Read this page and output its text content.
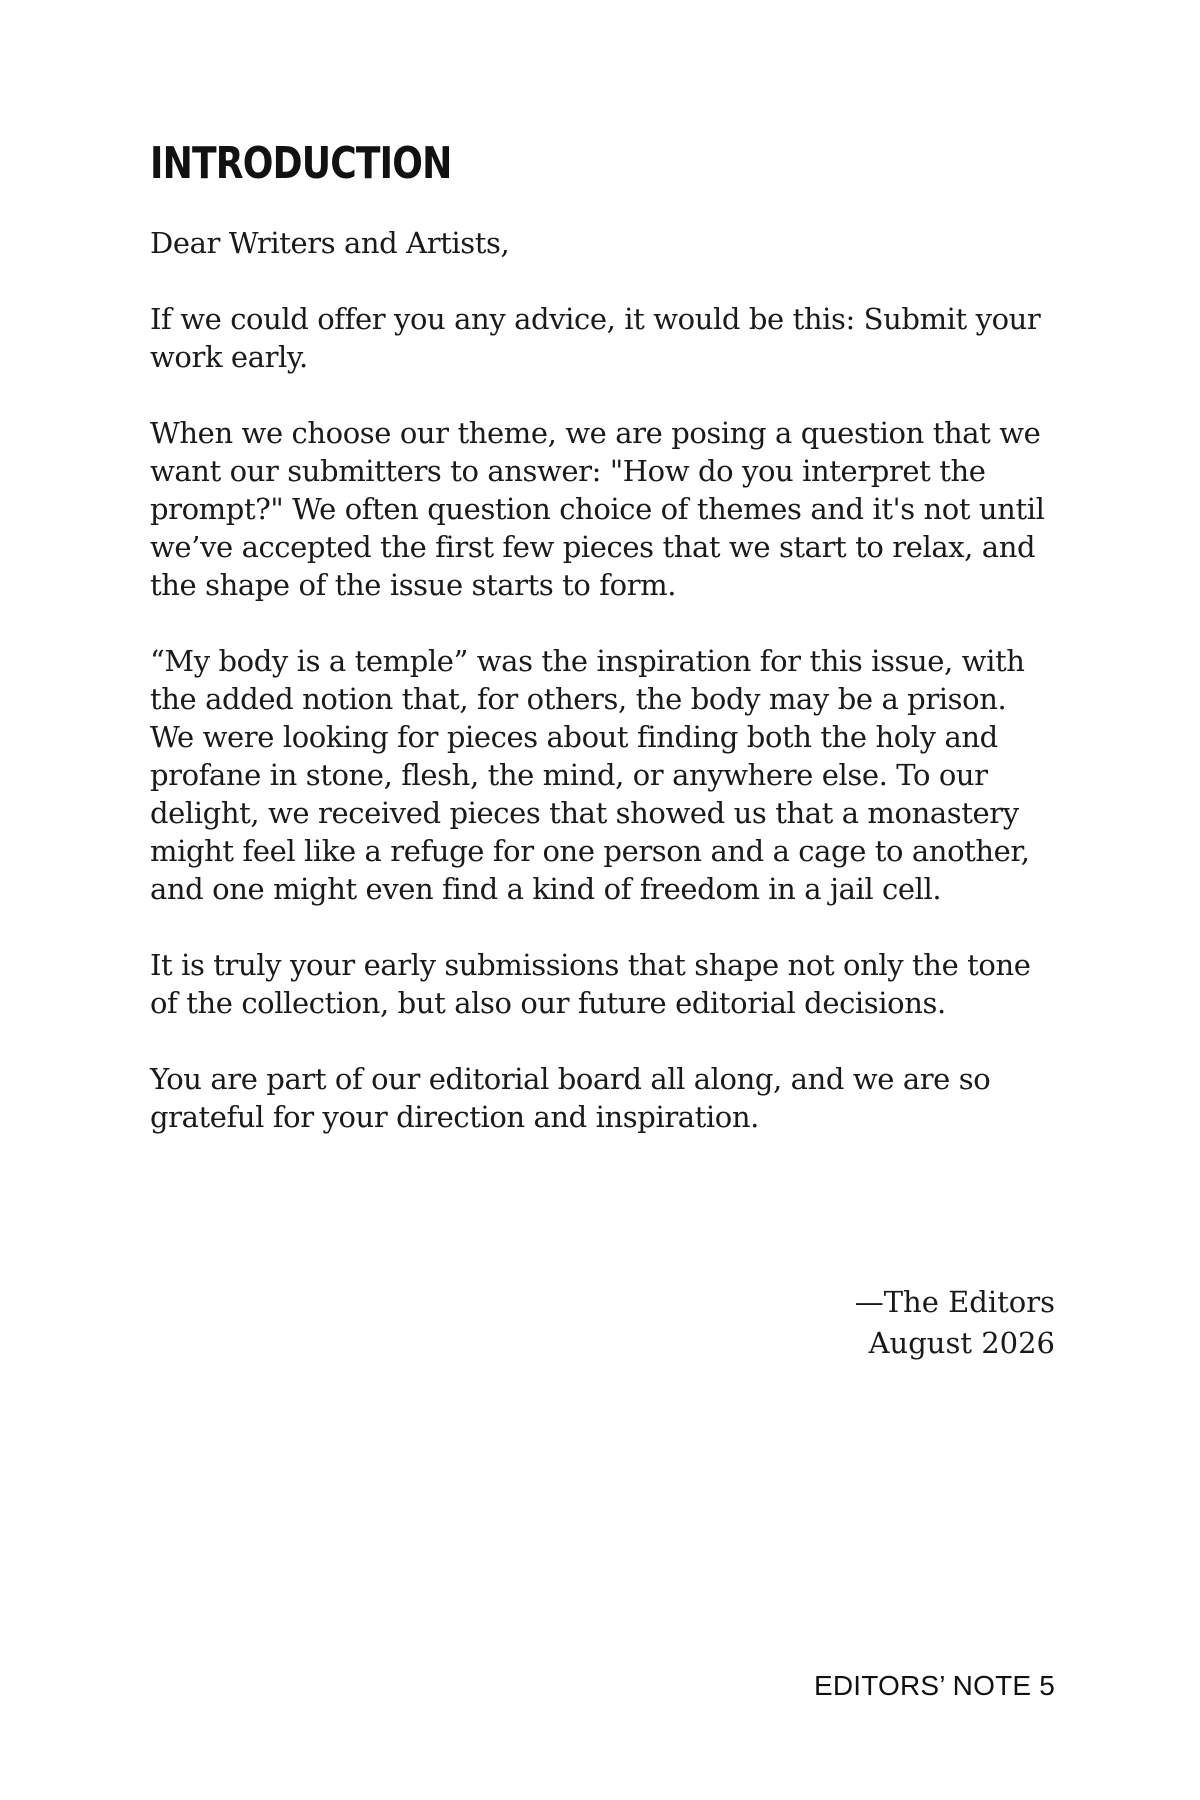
INTRODUCTION

Dear Writers and Artists,

If we could offer you any advice, it would be this: Submit your work early.

When we choose our theme, we are posing a question that we want our submitters to answer: "How do you interpret the prompt?" We often question choice of themes and it's not until we’ve accepted the first few pieces that we start to relax, and the shape of the issue starts to form.

“My body is a temple” was the inspiration for this issue, with the added notion that, for others, the body may be a prison. We were looking for pieces about finding both the holy and profane in stone, flesh, the mind, or anywhere else. To our delight, we received pieces that showed us that a monastery might feel like a refuge for one person and a cage to another, and one might even find a kind of freedom in a jail cell.

It is truly your early submissions that shape not only the tone of the collection, but also our future editorial decisions.

You are part of our editorial board all along, and we are so grateful for your direction and inspiration.

—The Editors
August 2026
EDITORS’ NOTE 5
